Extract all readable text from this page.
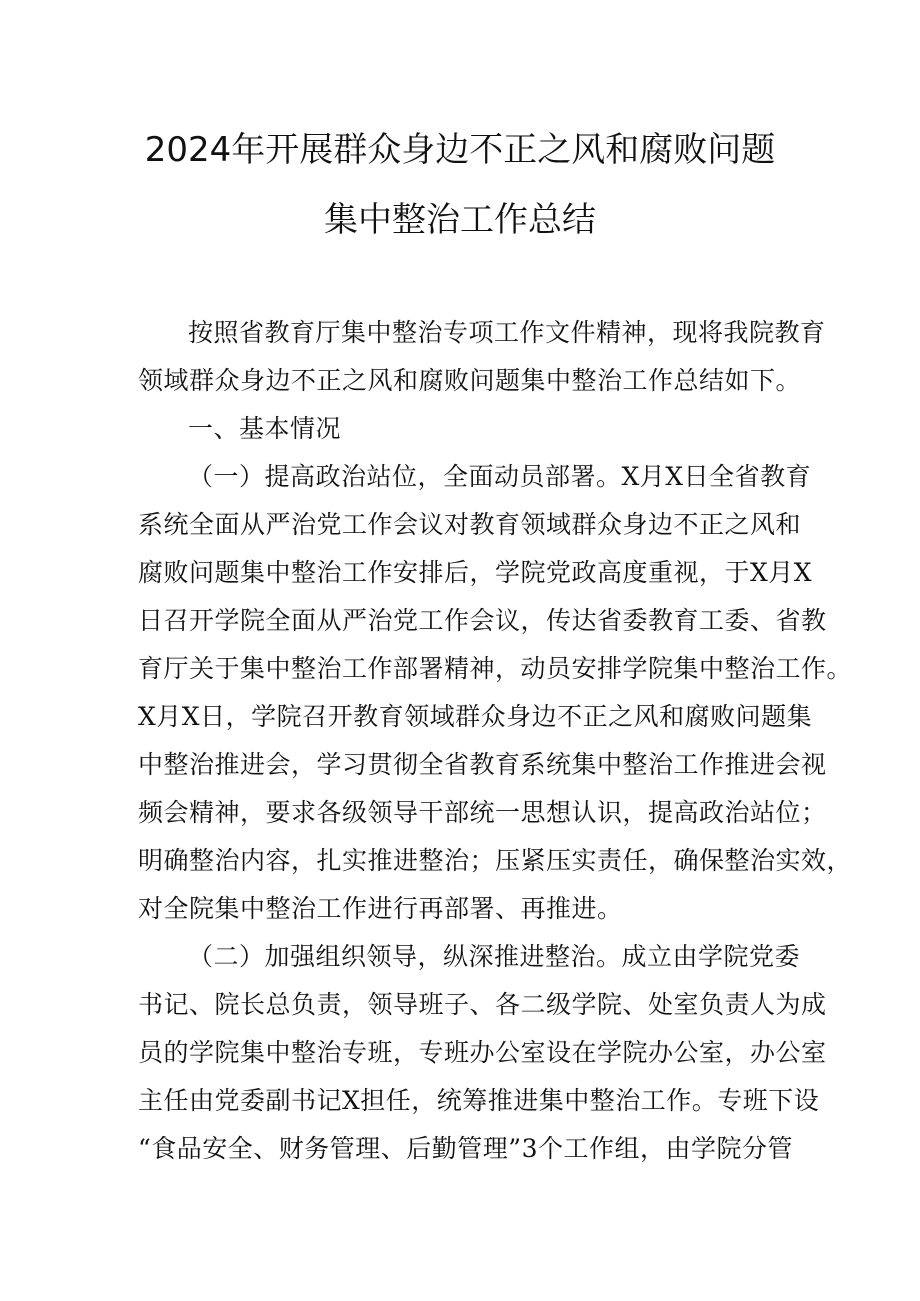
2024年开展群众身边不正之风和腐败问题
集中整治工作总结
按照省教育厅集中整治专项工作文件精神，现将我院教育
领域群众身边不正之风和腐败问题集中整治工作总结如下。
一、基本情况
（一）提高政治站位，全面动员部署。X月X日全省教育
系统全面从严治党工作会议对教育领域群众身边不正之风和
腐败问题集中整治工作安排后，学院党政高度重视，于X月X
日召开学院全面从严治党工作会议，传达省委教育工委、省教
育厅关于集中整治工作部署精神，动员安排学院集中整治工作。
X月X日，学院召开教育领域群众身边不正之风和腐败问题集
中整治推进会，学习贯彻全省教育系统集中整治工作推进会视
频会精神，要求各级领导干部统一思想认识，提高政治站位；
明确整治内容，扎实推进整治；压紧压实责任，确保整治实效，
对全院集中整治工作进行再部署、再推进。
（二）加强组织领导，纵深推进整治。成立由学院党委
书记、院长总负责，领导班子、各二级学院、处室负责人为成
员的学院集中整治专班，专班办公室设在学院办公室，办公室
主任由党委副书记X担任，统筹推进集中整治工作。专班下设
“食品安全、财务管理、后勤管理”3个工作组，由学院分管
